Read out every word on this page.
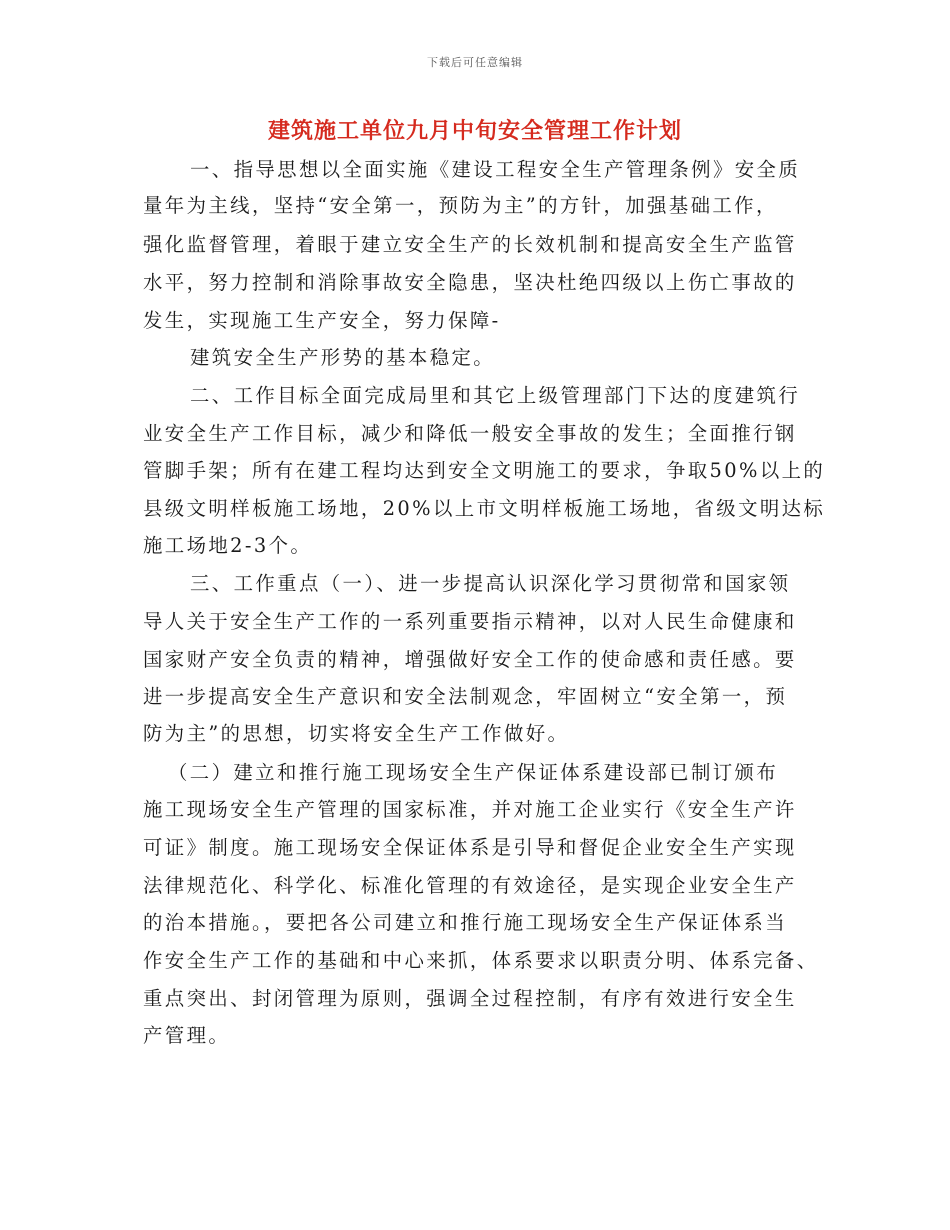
下载后可任意编辑
建筑施工单位九月中旬安全管理工作计划
一、指导思想以全面实施《建设工程安全生产管理条例》安全质
量年为主线，坚持“安全第一，预防为主”的方针，加强基础工作，
强化监督管理，着眼于建立安全生产的长效机制和提高安全生产监管
水平，努力控制和消除事故安全隐患，坚决杜绝四级以上伤亡事故的
发生，实现施工生产安全，努力保障-
建筑安全生产形势的基本稳定。
二、工作目标全面完成局里和其它上级管理部门下达的度建筑行
业安全生产工作目标，减少和降低一般安全事故的发生；全面推行钢
管脚手架；所有在建工程均达到安全文明施工的要求，争取50%以上的
县级文明样板施工场地，20%以上市文明样板施工场地，省级文明达标
施工场地2-3个。
三、工作重点（一）、进一步提高认识深化学习贯彻常和国家领
导人关于安全生产工作的一系列重要指示精神，以对人民生命健康和
国家财产安全负责的精神，增强做好安全工作的使命感和责任感。要
进一步提高安全生产意识和安全法制观念，牢固树立“安全第一，预
防为主”的思想，切实将安全生产工作做好。
（二）建立和推行施工现场安全生产保证体系建设部已制订颁布
施工现场安全生产管理的国家标准，并对施工企业实行《安全生产许
可证》制度。施工现场安全保证体系是引导和督促企业安全生产实现
法律规范化、科学化、标准化管理的有效途径，是实现企业安全生产
的治本措施。，要把各公司建立和推行施工现场安全生产保证体系当
作安全生产工作的基础和中心来抓，体系要求以职责分明、体系完备、
重点突出、封闭管理为原则，强调全过程控制，有序有效进行安全生
产管理。
